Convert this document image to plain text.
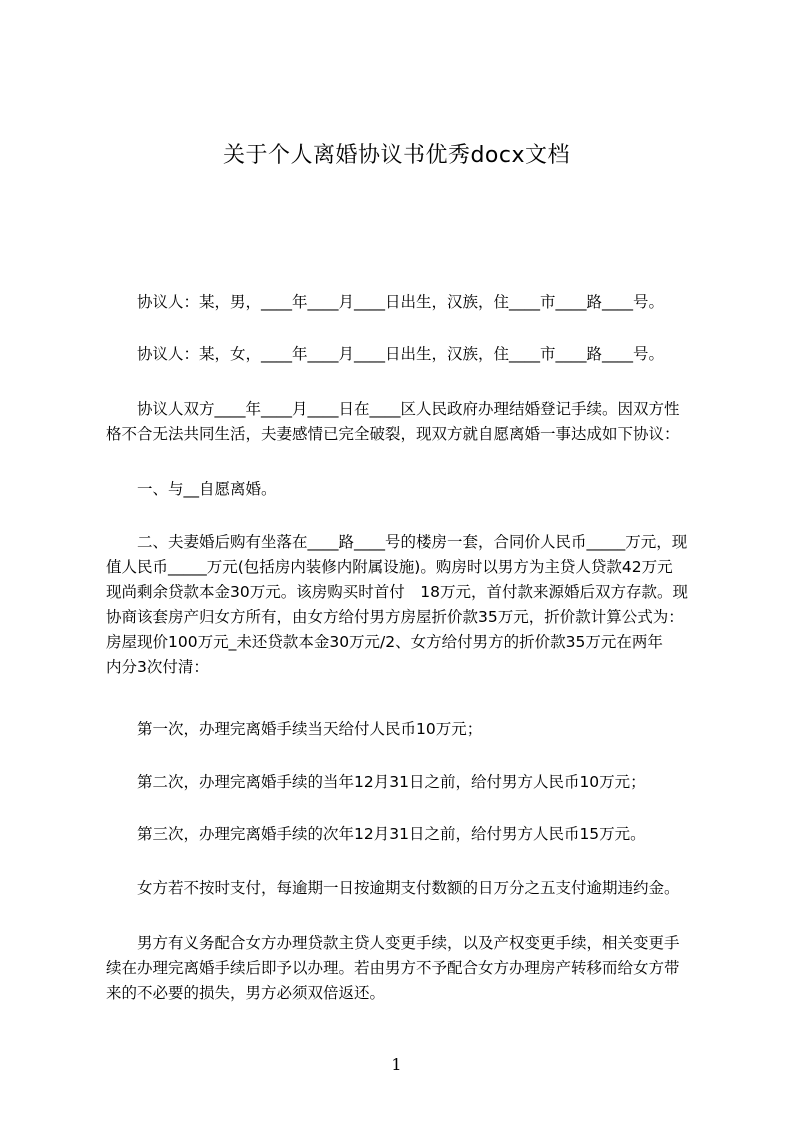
关于个人离婚协议书优秀docx文档
　　协议人：某，男，____年____月____日出生，汉族，住____市____路____号。
　　协议人：某，女，____年____月____日出生，汉族，住____市____路____号。
　　协议人双方____年____月____日在____区人民政府办理结婚登记手续。因双方性
格不合无法共同生活，夫妻感情已完全破裂，现双方就自愿离婚一事达成如下协议：
　　一、与__自愿离婚。
　　二、夫妻婚后购有坐落在____路____号的楼房一套，合同价人民币_____万元，现
值人民币_____万元(包括房内装修内附属设施)。购房时以男方为主贷人贷款42万元
现尚剩余贷款本金30万元。该房购买时首付　18万元，首付款来源婚后双方存款。现
协商该套房产归女方所有，由女方给付男方房屋折价款35万元，折价款计算公式为：
房屋现价100万元_未还贷款本金30万元/2、女方给付男方的折价款35万元在两年
内分3次付清：
　　第一次，办理完离婚手续当天给付人民币10万元；
　　第二次，办理完离婚手续的当年12月31日之前，给付男方人民币10万元；
　　第三次，办理完离婚手续的次年12月31日之前，给付男方人民币15万元。
　　女方若不按时支付，每逾期一日按逾期支付数额的日万分之五支付逾期违约金。
　　男方有义务配合女方办理贷款主贷人变更手续，以及产权变更手续，相关变更手
续在办理完离婚手续后即予以办理。若由男方不予配合女方办理房产转移而给女方带
来的不必要的损失，男方必须双倍返还。
1
